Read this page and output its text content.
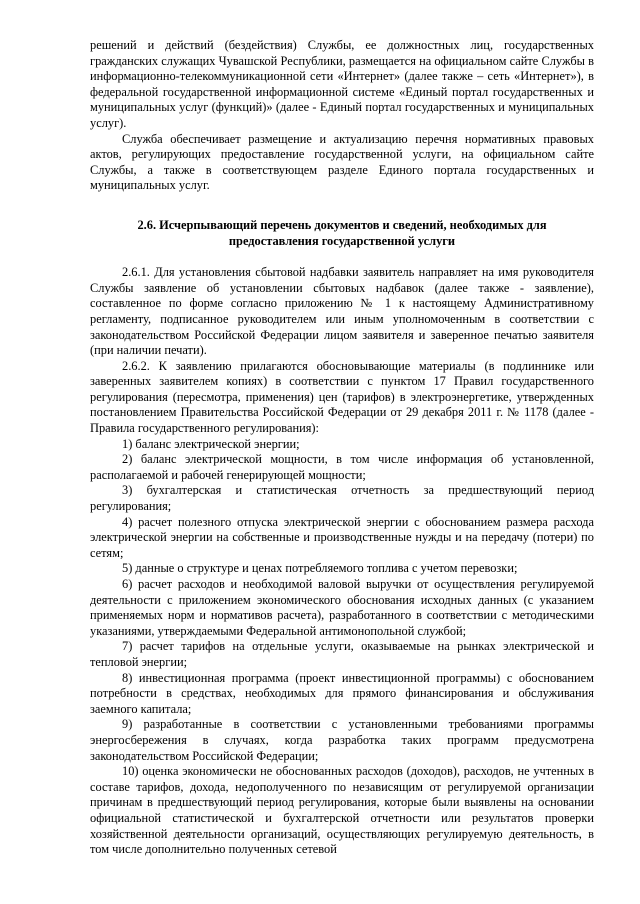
решений и действий (бездействия) Службы, ее должностных лиц, государственных гражданских служащих Чувашской Республики, размещается на официальном сайте Службы в информационно-телекоммуникационной сети «Интернет» (далее также – сеть «Интернет»), в федеральной государственной информационной системе «Единый портал государственных и муниципальных услуг (функций)» (далее - Единый портал государственных и муниципальных услуг).

Служба обеспечивает размещение и актуализацию перечня нормативных правовых актов, регулирующих предоставление государственной услуги, на официальном сайте Службы, а также в соответствующем разделе Единого портала государственных и муниципальных услуг.

2.6. Исчерпывающий перечень документов и сведений, необходимых для предоставления государственной услуги

2.6.1. Для установления сбытовой надбавки заявитель направляет на имя руководителя Службы заявление об установлении сбытовых надбавок (далее также - заявление), составленное по форме согласно приложению № 1 к настоящему Административному регламенту, подписанное руководителем или иным уполномоченным в соответствии с законодательством Российской Федерации лицом заявителя и заверенное печатью заявителя (при наличии печати).

2.6.2. К заявлению прилагаются обосновывающие материалы (в подлиннике или заверенных заявителем копиях) в соответствии с пунктом 17 Правил государственного регулирования (пересмотра, применения) цен (тарифов) в электроэнергетике, утвержденных постановлением Правительства Российской Федерации от 29 декабря 2011 г. № 1178 (далее - Правила государственного регулирования):

1) баланс электрической энергии;

2) баланс электрической мощности, в том числе информация об установленной, располагаемой и рабочей генерирующей мощности;

3) бухгалтерская и статистическая отчетность за предшествующий период регулирования;

4) расчет полезного отпуска электрической энергии с обоснованием размера расхода электрической энергии на собственные и производственные нужды и на передачу (потери) по сетям;

5) данные о структуре и ценах потребляемого топлива с учетом перевозки;

6) расчет расходов и необходимой валовой выручки от осуществления регулируемой деятельности с приложением экономического обоснования исходных данных (с указанием применяемых норм и нормативов расчета), разработанного в соответствии с методическими указаниями, утверждаемыми Федеральной антимонопольной службой;

7) расчет тарифов на отдельные услуги, оказываемые на рынках электрической и тепловой энергии;

8) инвестиционная программа (проект инвестиционной программы) с обоснованием потребности в средствах, необходимых для прямого финансирования и обслуживания заемного капитала;

9) разработанные в соответствии с установленными требованиями программы энергосбережения в случаях, когда разработка таких программ предусмотрена законодательством Российской Федерации;

10) оценка экономически не обоснованных расходов (доходов), расходов, не учтенных в составе тарифов, дохода, недополученного по независящим от регулируемой организации причинам в предшествующий период регулирования, которые были выявлены на основании официальной статистической и бухгалтерской отчетности или результатов проверки хозяйственной деятельности организаций, осуществляющих регулируемую деятельность, в том числе дополнительно полученных сетевой
